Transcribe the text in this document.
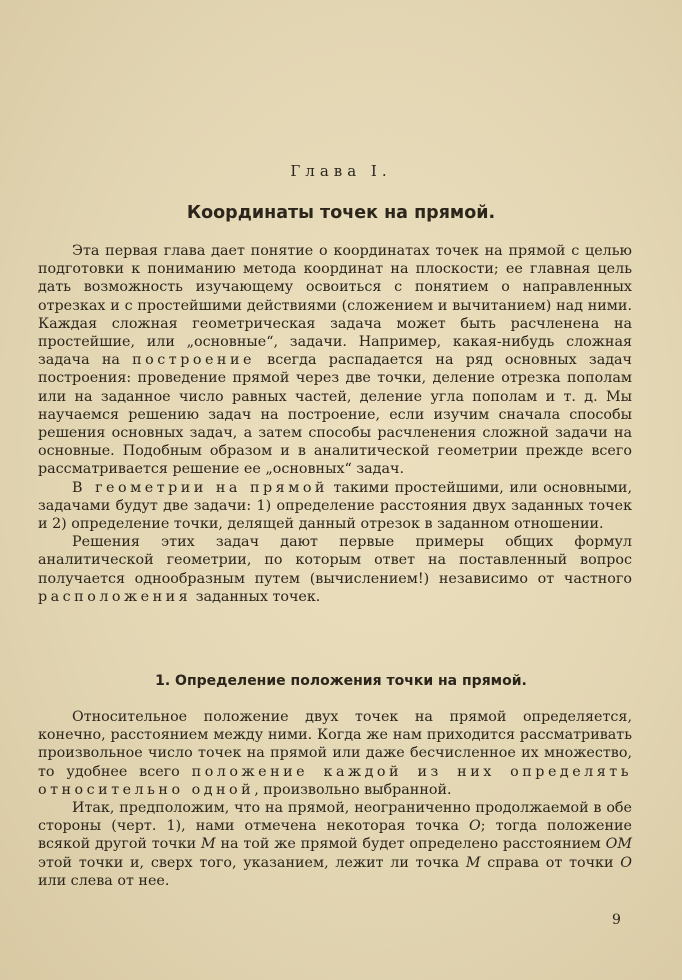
Глава I.
Координаты точек на прямой.

Эта первая глава дает понятие о координатах точек на прямой с целью подготовки к пониманию метода координат на плоскости; ее главная цель дать возможность изучающему освоиться с понятием о направленных отрезках и с простейшими действиями (сложением и вычитанием) над ними. Каждая сложная геометрическая задача может быть расчленена на простейшие, или „основные“, задачи. Например, какая-нибудь сложная задача на построение всегда распадается на ряд основных задач построения: проведение прямой через две точки, деление отрезка пополам или на заданное число равных частей, деление угла пополам и т. д. Мы научаемся решению задач на построение, если изучим сначала способы решения основных задач, а затем способы расчленения сложной задачи на основные. Подобным образом и в аналитической геометрии прежде всего рассматривается решение ее „основных“ задач.

В геометрии на прямой такими простейшими, или основными, задачами будут две задачи: 1) определение расстояния двух заданных точек и 2) определение точки, делящей данный отрезок в заданном отношении.

Решения этих задач дают первые примеры общих формул аналитической геометрии, по которым ответ на поставленный вопрос получается однообразным путем (вычислением!) независимо от частного расположения заданных точек.

1. Определение положения точки на прямой.

Относительное положение двух точек на прямой определяется, конечно, расстоянием между ними. Когда же нам приходится рассматривать произвольное число точек на прямой или даже бесчисленное их множество, то удобнее всего положение каждой из них определять относительно одной, произвольно выбранной.

Итак, предположим, что на прямой, неограниченно продолжаемой в обе стороны (черт. 1), нами отмечена некоторая точка O; тогда положение всякой другой точки M на той же прямой будет определено расстоянием OM этой точки и, сверх того, указанием, лежит ли точка M справа от точки O или слева от нее.

9
